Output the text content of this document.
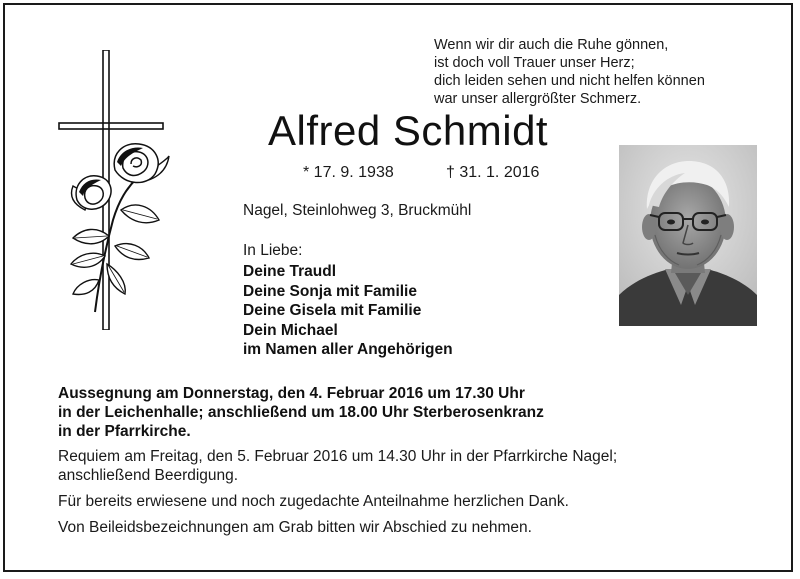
Wenn wir dir auch die Ruhe gönnen,
ist doch voll Trauer unser Herz;
dich leiden sehen und nicht helfen können
war unser allergrößter Schmerz.
Alfred Schmidt
* 17. 9. 1938	† 31. 1. 2016
Nagel, Steinlohweg 3, Bruckmühl
In Liebe:
Deine Traudl
Deine Sonja mit Familie
Deine Gisela mit Familie
Dein Michael
im Namen aller Angehörigen
Aussegnung am Donnerstag, den 4. Februar 2016 um 17.30 Uhr
in der Leichenhalle; anschließend um 18.00 Uhr Sterberosenkranz
in der Pfarrkirche.
Requiem am Freitag, den 5. Februar 2016 um 14.30 Uhr in der Pfarrkirche Nagel;
anschließend Beerdigung.
Für bereits erwiesene und noch zugedachte Anteilnahme herzlichen Dank.
Von Beileidsbezeichnungen am Grab bitten wir Abschied zu nehmen.
